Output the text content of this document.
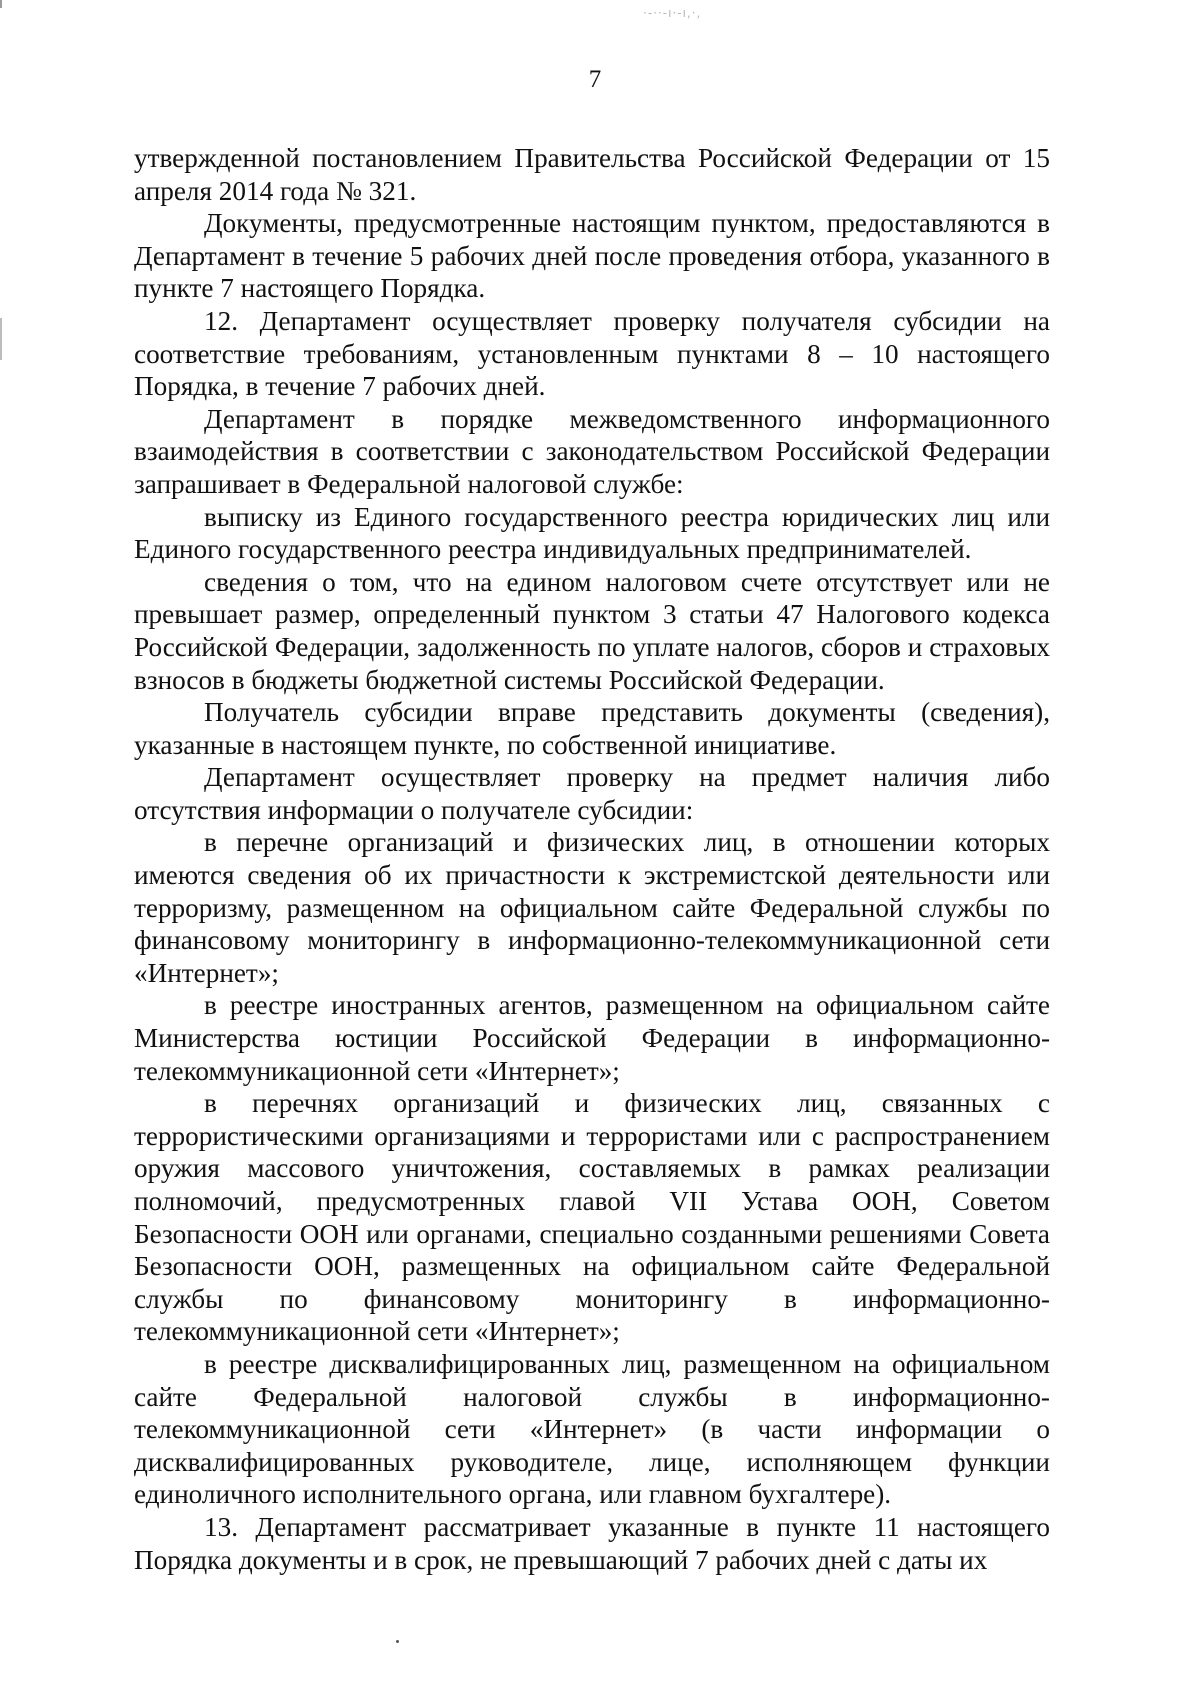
·-··-ı·-ı,·,
7

утвержденной постановлением Правительства Российской Федерации от 15 апреля 2014 года № 321.

Документы, предусмотренные настоящим пунктом, предоставляются в Департамент в течение 5 рабочих дней после проведения отбора, указанного в пункте 7 настоящего Порядка.

12. Департамент осуществляет проверку получателя субсидии на соответствие требованиям, установленным пунктами 8 – 10 настоящего Порядка, в течение 7 рабочих дней.

Департамент в порядке межведомственного информационного взаимодействия в соответствии с законодательством Российской Федерации запрашивает в Федеральной налоговой службе:

выписку из Единого государственного реестра юридических лиц или Единого государственного реестра индивидуальных предпринимателей.

сведения о том, что на едином налоговом счете отсутствует или не превышает размер, определенный пунктом 3 статьи 47 Налогового кодекса Российской Федерации, задолженность по уплате налогов, сборов и страховых взносов в бюджеты бюджетной системы Российской Федерации.

Получатель субсидии вправе представить документы (сведения), указанные в настоящем пункте, по собственной инициативе.

Департамент осуществляет проверку на предмет наличия либо отсутствия информации о получателе субсидии:

в перечне организаций и физических лиц, в отношении которых имеются сведения об их причастности к экстремистской деятельности или терроризму, размещенном на официальном сайте Федеральной службы по финансовому мониторингу в информационно-телекоммуникационной сети «Интернет»;

в реестре иностранных агентов, размещенном на официальном сайте Министерства юстиции Российской Федерации в информационно-телекоммуникационной сети «Интернет»;

в перечнях организаций и физических лиц, связанных с террористическими организациями и террористами или с распространением оружия массового уничтожения, составляемых в рамках реализации полномочий, предусмотренных главой VII Устава ООН, Советом Безопасности ООН или органами, специально созданными решениями Совета Безопасности ООН, размещенных на официальном сайте Федеральной службы по финансовому мониторингу в информационно-телекоммуникационной сети «Интернет»;

в реестре дисквалифицированных лиц, размещенном на официальном сайте Федеральной налоговой службы в информационно-телекоммуникационной сети «Интернет» (в части информации о дисквалифицированных руководителе, лице, исполняющем функции единоличного исполнительного органа, или главном бухгалтере).

13. Департамент рассматривает указанные в пункте 11 настоящего Порядка документы и в срок, не превышающий 7 рабочих дней с даты их
